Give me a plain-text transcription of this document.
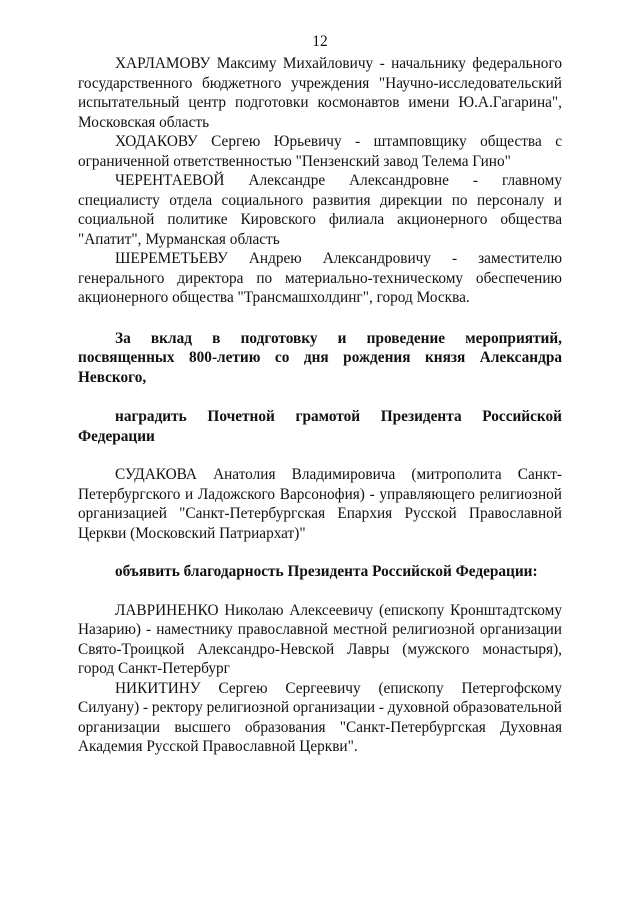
12

ХАРЛАМОВУ Максиму Михайловичу - начальнику федерального государственного бюджетного учреждения "Научно-исследовательский испытательный центр подготовки космонавтов имени Ю.А.Гагарина", Московская область

ХОДАКОВУ Сергею Юрьевичу - штамповщику общества с ограниченной ответственностью "Пензенский завод Телема Гино"

ЧЕРЕНТАЕВОЙ Александре Александровне - главному специалисту отдела социального развития дирекции по персоналу и социальной политике Кировского филиала акционерного общества "Апатит", Мурманская область

ШЕРЕМЕТЬЕВУ Андрею Александровичу - заместителю генерального директора по материально-техническому обеспечению акционерного общества "Трансмашхолдинг", город Москва.

За вклад в подготовку и проведение мероприятий, посвященных 800-летию со дня рождения князя Александра Невского,

наградить Почетной грамотой Президента Российской Федерации

СУДАКОВА Анатолия Владимировича (митрополита Санкт-Петербургского и Ладожского Варсонофия) - управляющего религиозной организацией "Санкт-Петербургская Епархия Русской Православной Церкви (Московский Патриархат)"

объявить благодарность Президента Российской Федерации:

ЛАВРИНЕНКО Николаю Алексеевичу (епископу Кронштадтскому Назарию) - наместнику православной местной религиозной организации Свято-Троицкой Александро-Невской Лавры (мужского монастыря), город Санкт-Петербург

НИКИТИНУ Сергею Сергеевичу (епископу Петергофскому Силуану) - ректору религиозной организации - духовной образовательной организации высшего образования "Санкт-Петербургская Духовная Академия Русской Православной Церкви".
